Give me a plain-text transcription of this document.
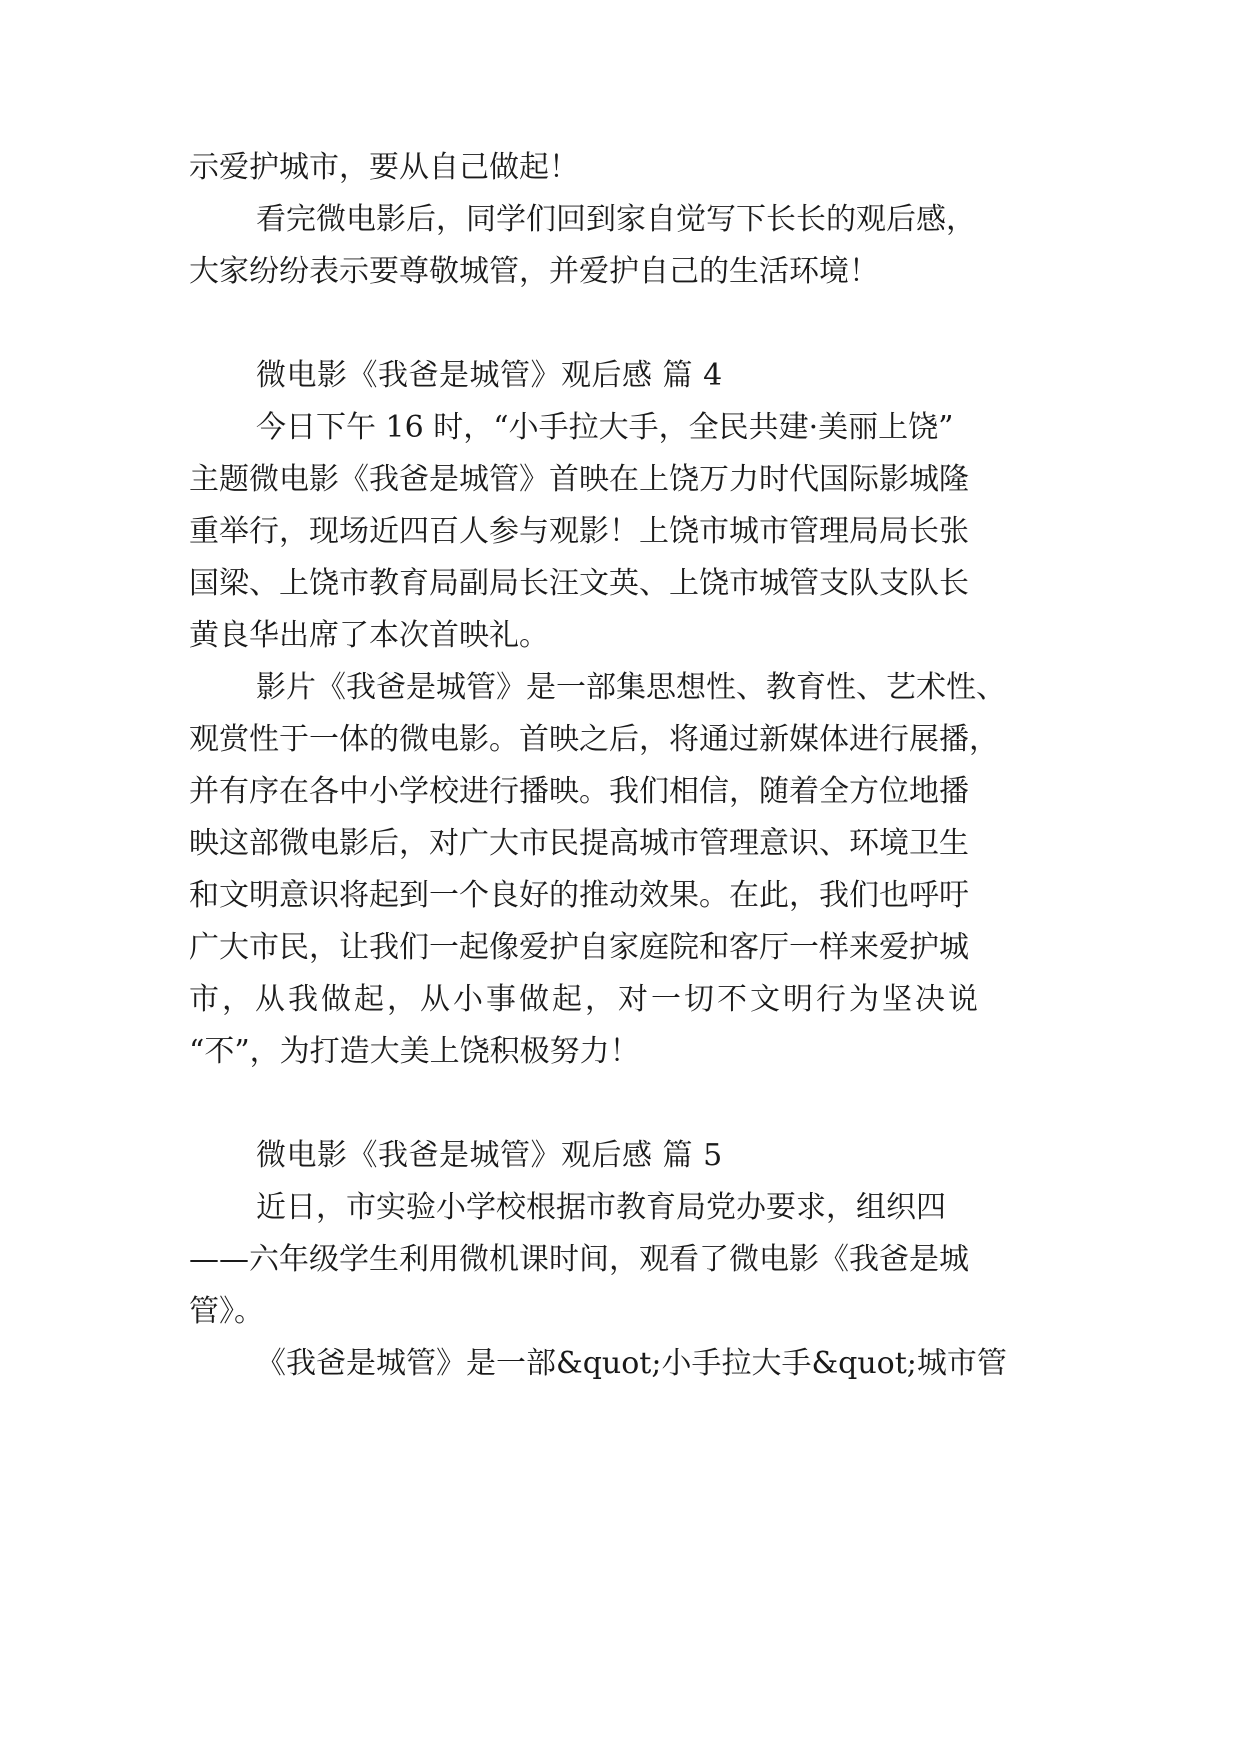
示爱护城市，要从自己做起！
看完微电影后，同学们回到家自觉写下长长的观后感，
大家纷纷表示要尊敬城管，并爱护自己的生活环境！
微电影《我爸是城管》观后感 篇 4
今日下午 16 时，“小手拉大手，全民共建·美丽上饶”
主题微电影《我爸是城管》首映在上饶万力时代国际影城隆
重举行，现场近四百人参与观影！上饶市城市管理局局长张
国梁、上饶市教育局副局长汪文英、上饶市城管支队支队长
黄良华出席了本次首映礼。
影片《我爸是城管》是一部集思想性、教育性、艺术性、
观赏性于一体的微电影。首映之后，将通过新媒体进行展播，
并有序在各中小学校进行播映。我们相信，随着全方位地播
映这部微电影后，对广大市民提高城市管理意识、环境卫生
和文明意识将起到一个良好的推动效果。在此，我们也呼吁
广大市民，让我们一起像爱护自家庭院和客厅一样来爱护城
市，从我做起，从小事做起，对一切不文明行为坚决说
“不”，为打造大美上饶积极努力！
微电影《我爸是城管》观后感 篇 5
近日，市实验小学校根据市教育局党办要求，组织四
——六年级学生利用微机课时间，观看了微电影《我爸是城
管》。
《我爸是城管》是一部&quot;小手拉大手&quot;城市管
